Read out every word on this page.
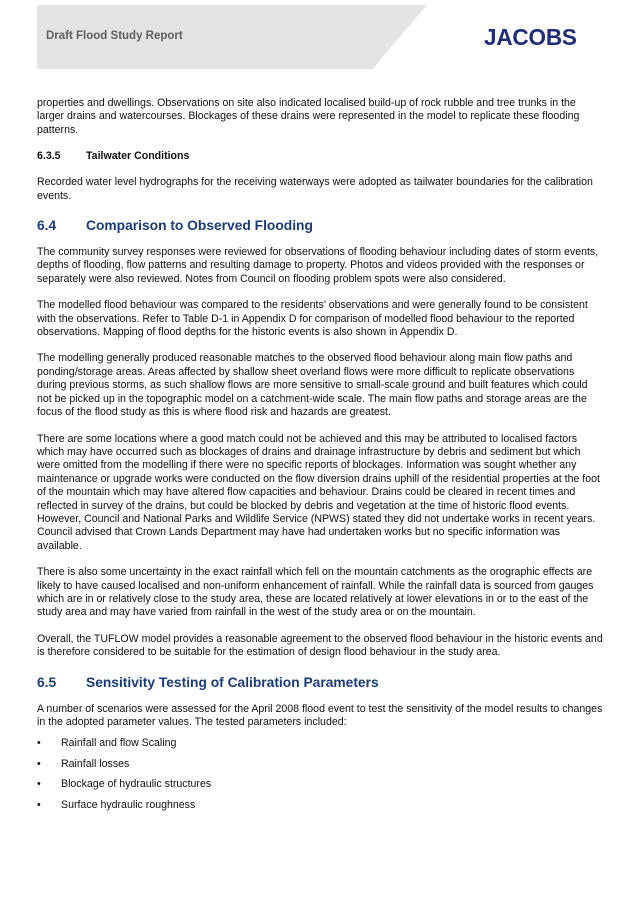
Draft Flood Study Report	JACOBS

properties and dwellings. Observations on site also indicated localised build-up of rock rubble and tree trunks in the larger drains and watercourses. Blockages of these drains were represented in the model to replicate these flooding patterns.

6.3.5 Tailwater Conditions

Recorded water level hydrographs for the receiving waterways were adopted as tailwater boundaries for the calibration events.

6.4 Comparison to Observed Flooding

The community survey responses were reviewed for observations of flooding behaviour including dates of storm events, depths of flooding, flow patterns and resulting damage to property. Photos and videos provided with the responses or separately were also reviewed. Notes from Council on flooding problem spots were also considered.

The modelled flood behaviour was compared to the residents’ observations and were generally found to be consistent with the observations. Refer to Table D-1 in Appendix D for comparison of modelled flood behaviour to the reported observations. Mapping of flood depths for the historic events is also shown in Appendix D.

The modelling generally produced reasonable matches to the observed flood behaviour along main flow paths and ponding/storage areas. Areas affected by shallow sheet overland flows were more difficult to replicate observations during previous storms, as such shallow flows are more sensitive to small-scale ground and built features which could not be picked up in the topographic model on a catchment-wide scale. The main flow paths and storage areas are the focus of the flood study as this is where flood risk and hazards are greatest.

There are some locations where a good match could not be achieved and this may be attributed to localised factors which may have occurred such as blockages of drains and drainage infrastructure by debris and sediment but which were omitted from the modelling if there were no specific reports of blockages. Information was sought whether any maintenance or upgrade works were conducted on the flow diversion drains uphill of the residential properties at the foot of the mountain which may have altered flow capacities and behaviour. Drains could be cleared in recent times and reflected in survey of the drains, but could be blocked by debris and vegetation at the time of historic flood events. However, Council and National Parks and Wildlife Service (NPWS) stated they did not undertake works in recent years. Council advised that Crown Lands Department may have had undertaken works but no specific information was available.

There is also some uncertainty in the exact rainfall which fell on the mountain catchments as the orographic effects are likely to have caused localised and non-uniform enhancement of rainfall. While the rainfall data is sourced from gauges which are in or relatively close to the study area, these are located relatively at lower elevations in or to the east of the study area and may have varied from rainfall in the west of the study area or on the mountain.

Overall, the TUFLOW model provides a reasonable agreement to the observed flood behaviour in the historic events and is therefore considered to be suitable for the estimation of design flood behaviour in the study area.

6.5 Sensitivity Testing of Calibration Parameters

A number of scenarios were assessed for the April 2008 flood event to test the sensitivity of the model results to changes in the adopted parameter values. The tested parameters included:

• Rainfall and flow Scaling
• Rainfall losses
• Blockage of hydraulic structures
• Surface hydraulic roughness
